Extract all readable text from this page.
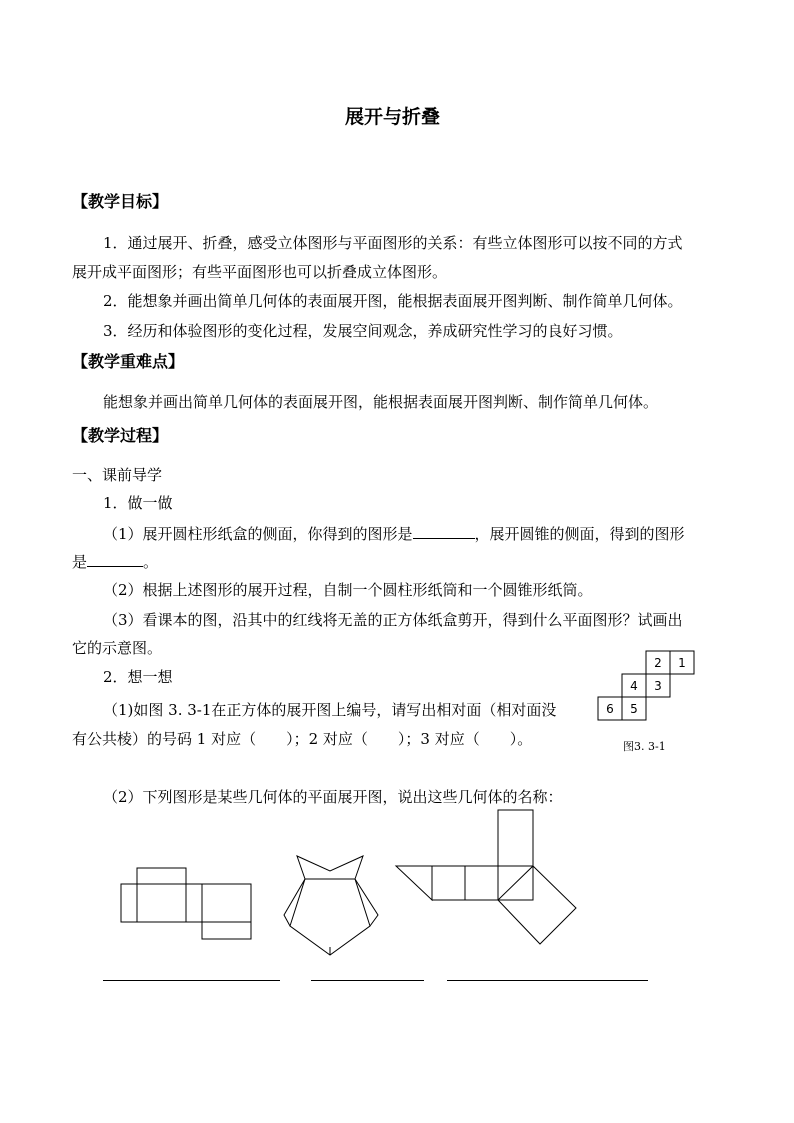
展开与折叠
【教学目标】
1．通过展开、折叠，感受立体图形与平面图形的关系：有些立体图形可以按不同的方式
展开成平面图形；有些平面图形也可以折叠成立体图形。
2．能想象并画出简单几何体的表面展开图，能根据表面展开图判断、制作简单几何体。
3．经历和体验图形的变化过程，发展空间观念，养成研究性学习的良好习惯。
【教学重难点】
能想象并画出简单几何体的表面展开图，能根据表面展开图判断、制作简单几何体。
【教学过程】
一、课前导学
1．做一做
（1）展开圆柱形纸盒的侧面，你得到的图形是	，展开圆锥的侧面，得到的图形
是	。
（2）根据上述图形的展开过程，自制一个圆柱形纸筒和一个圆锥形纸筒。
（3）看课本的图，沿其中的红线将无盖的正方体纸盒剪开，得到什么平面图形？试画出
它的示意图。
2．想一想
（1)如图 3. 3-1在正方体的展开图上编号，请写出相对面（相对面没
有公共棱）的号码 1 对应（　　）；2 对应（　　）；3 对应（　　）。
2 1
4 3
6 5
图3. 3-1
（2）下列图形是某些几何体的平面展开图，说出这些几何体的名称：
